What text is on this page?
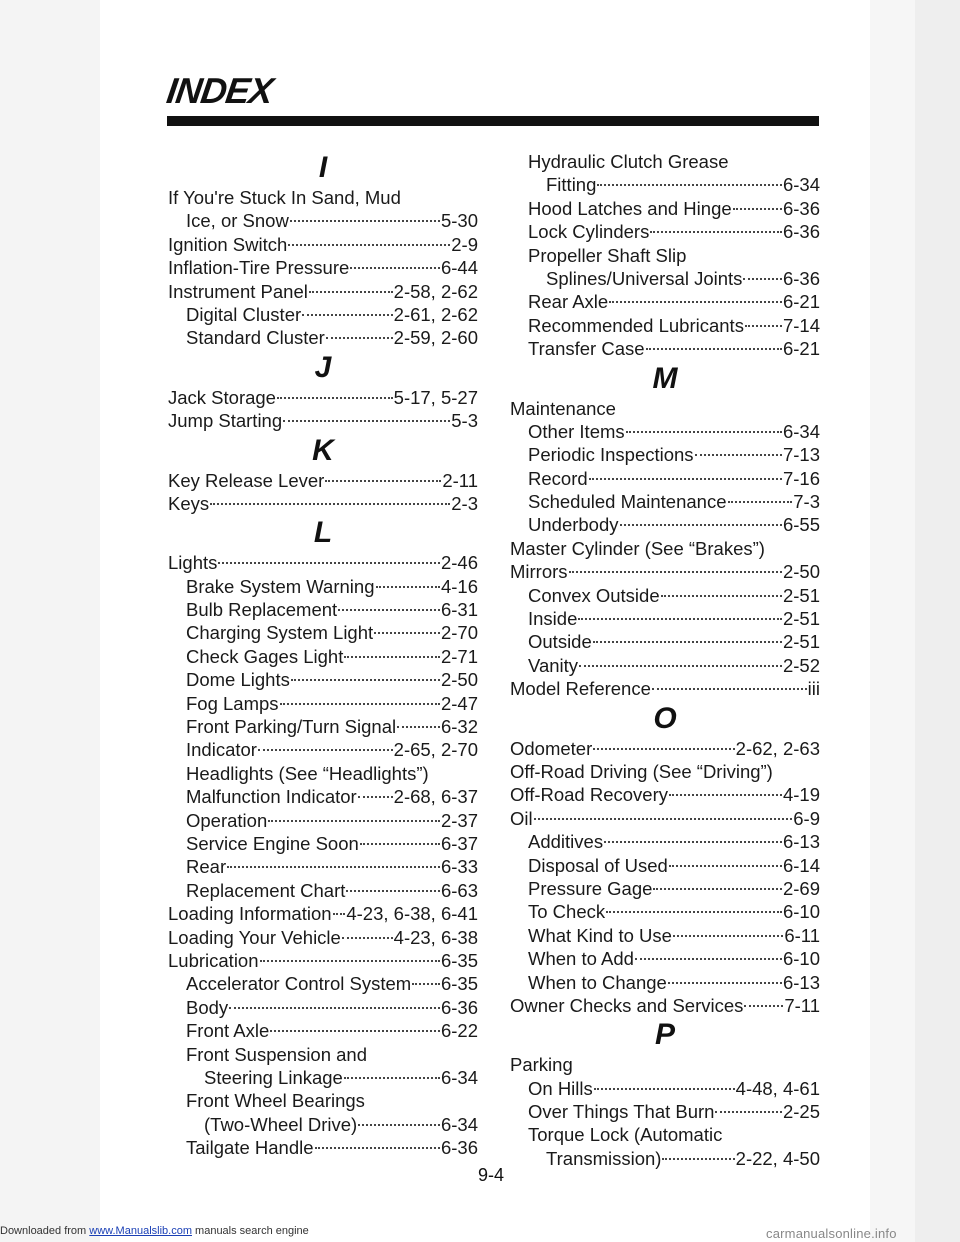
INDEX
I
If You're Stuck In Sand, Mud
Ice, or Snow	5-30
Ignition Switch	2-9
Inflation-Tire Pressure	6-44
Instrument Panel	2-58, 2-62
Digital Cluster	2-61, 2-62
Standard Cluster	2-59, 2-60
J
Jack Storage	5-17, 5-27
Jump Starting	5-3
K
Key Release Lever	2-11
Keys	2-3
L
Lights	2-46
Brake System Warning	4-16
Bulb Replacement	6-31
Charging System Light	2-70
Check Gages Light	2-71
Dome Lights	2-50
Fog Lamps	2-47
Front Parking/Turn Signal 6-32
Indicator	2-65, 2-70
Headlights (See “Headlights”)
Malfunction Indicator 2-68, 6-37
Operation	2-37
Service Engine Soon	6-37
Rear	6-33
Replacement Chart	6-63
Loading Information 4-23, 6-38, 6-41
Loading Your Vehicle	4-23, 6-38
Lubrication	6-35
Accelerator Control System 6-35
Body	6-36
Front Axle	6-22
Front Suspension and
Steering Linkage	6-34
Front Wheel Bearings
(Two-Wheel Drive)	6-34
Tailgate Handle	6-36
Hydraulic Clutch Grease
Fitting	6-34
Hood Latches and Hinge	6-36
Lock Cylinders	6-36
Propeller Shaft Slip
Splines/Universal Joints 6-36
Rear Axle	6-21
Recommended Lubricants 7-14
Transfer Case	6-21
M
Maintenance
Other Items	6-34
Periodic Inspections	7-13
Record	7-16
Scheduled Maintenance	7-3
Underbody	6-55
Master Cylinder (See “Brakes”)
Mirrors	2-50
Convex Outside	2-51
Inside	2-51
Outside	2-51
Vanity	2-52
Model Reference	iii
O
Odometer	2-62, 2-63
Off-Road Driving (See “Driving”)
Off-Road Recovery	4-19
Oil	6-9
Additives	6-13
Disposal of Used	6-14
Pressure Gage	2-69
To Check	6-10
What Kind to Use	6-11
When to Add	6-10
When to Change	6-13
Owner Checks and Services 7-11
P
Parking
On Hills	4-48, 4-61
Over Things That Burn	2-25
Torque Lock (Automatic
Transmission)	2-22, 4-50
9-4
Downloaded from www.Manualslib.com manuals search engine	carmanualsonline.info
